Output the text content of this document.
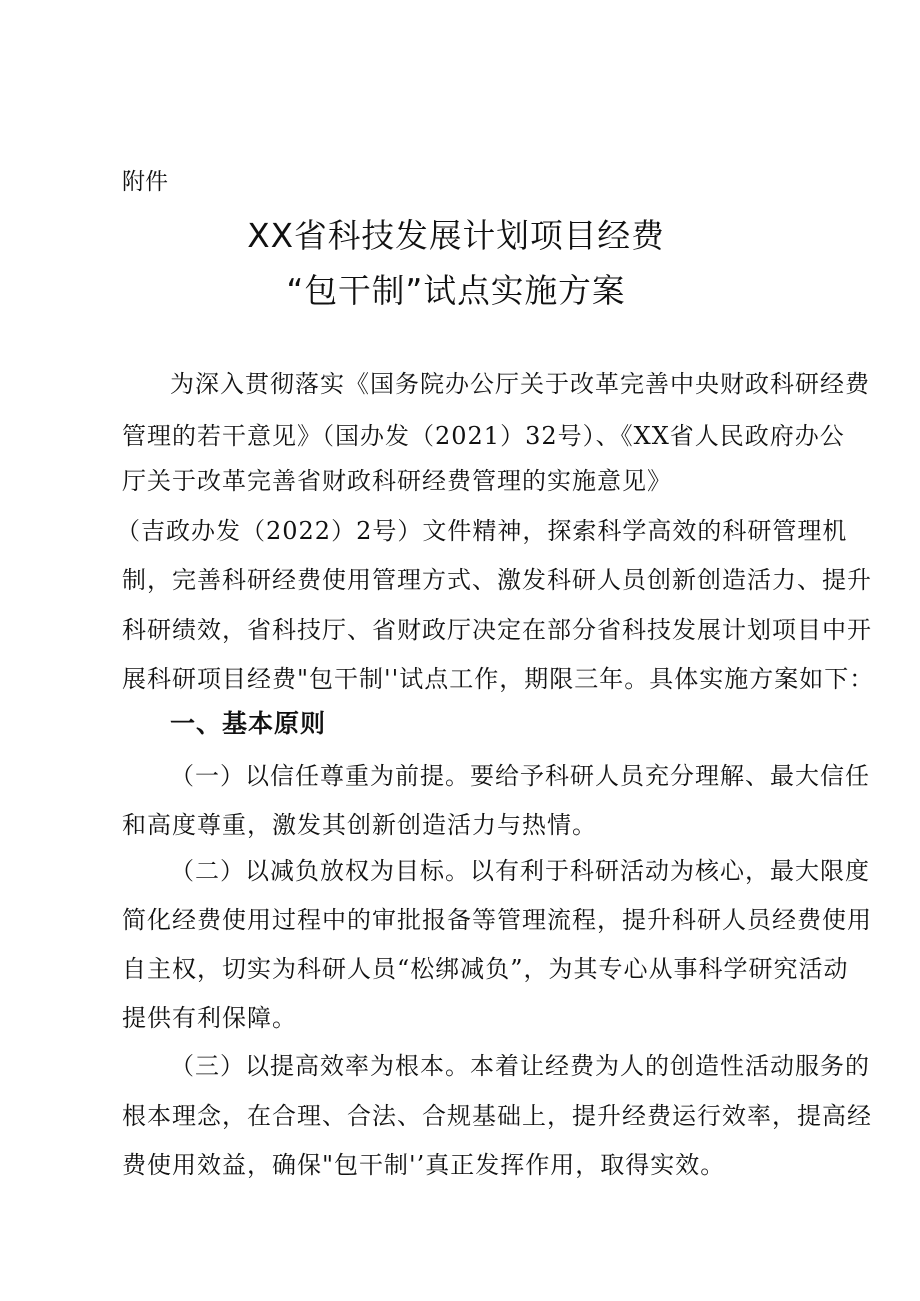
附件
XX省科技发展计划项目经费
“包干制”试点实施方案
为深入贯彻落实《国务院办公厅关于改革完善中央财政科研经费
管理的若干意见》（国办发（2021）32号）、《XX省人民政府办公
厅关于改革完善省财政科研经费管理的实施意见》
（吉政办发（2022）2号）文件精神，探索科学高效的科研管理机
制，完善科研经费使用管理方式、激发科研人员创新创造活力、提升
科研绩效，省科技厅、省财政厅决定在部分省科技发展计划项目中开
展科研项目经费"包干制''试点工作，期限三年。具体实施方案如下：
一、基本原则
（一）以信任尊重为前提。要给予科研人员充分理解、最大信任
和高度尊重，激发其创新创造活力与热情。
（二）以减负放权为目标。以有利于科研活动为核心，最大限度
简化经费使用过程中的审批报备等管理流程，提升科研人员经费使用
自主权，切实为科研人员“松绑减负”，为其专心从事科学研究活动
提供有利保障。
（三）以提高效率为根本。本着让经费为人的创造性活动服务的
根本理念，在合理、合法、合规基础上，提升经费运行效率，提高经
费使用效益，确保"包干制'’真正发挥作用，取得实效。
